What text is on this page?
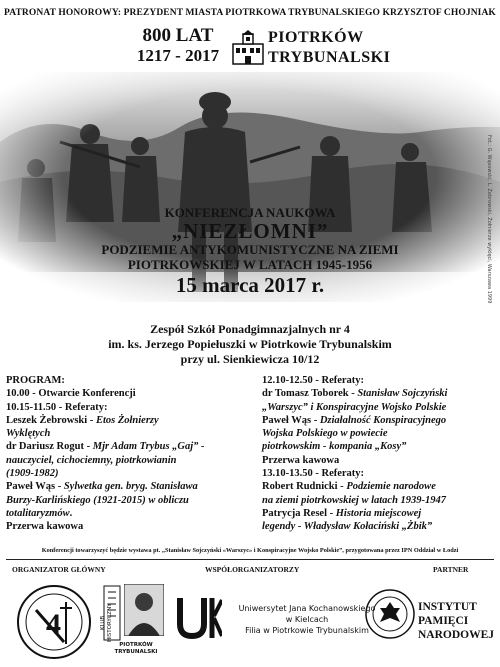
PATRONAT HONOROWY: PREZYDENT MIASTA PIOTRKOWA TRYBUNALSKIEGO KRZYSZTOF CHOJNIAK
800 LAT
1217 - 2017
PIOTRKÓW
TRYBUNALSKI
Fot.: G. Wąsowski, L. Żebrowski, Żołnierze wyklęci, Warszawa 1999
KONFERENCJA NAUKOWA
„NIEZŁOMNI”
PODZIEMIE ANTYKOMUNISTYCZNE NA ZIEMI
PIOTRKOWSKIEJ W LATACH 1945-1956
15 marca 2017 r.
Zespół Szkół Ponadgimnazjalnych nr 4
im. ks. Jerzego Popiełuszki w Piotrkowie Trybunalskim
przy ul. Sienkiewicza 10/12
PROGRAM:
10.00 - Otwarcie Konferencji
10.15-11.50 - Referaty:
Leszek Żebrowski - Etos Żołnierzy
Wyklętych
dr Dariusz Rogut - Mjr Adam Trybus „Gaj” -
nauczyciel, cichociemny, piotrkowianin
(1909-1982)
Paweł Wąs - Sylwetka gen. bryg. Stanisława
Burzy-Karlińskiego (1921-2015) w obliczu
totalitaryzmów.
Przerwa kawowa
12.10-12.50 - Referaty:
dr Tomasz Toborek - Stanisław Sojczyński
„Warszyc” i Konspiracyjne Wojsko Polskie
Paweł Wąs - Działalność Konspiracyjnego
Wojska Polskiego w powiecie
piotrkowskim - kompania „Kosy”
Przerwa kawowa
13.10-13.50 - Referaty:
Robert Rudnicki - Podziemie narodowe
na ziemi piotrkowskiej w latach 1939-1947
Patrycja Resel - Historia miejscowej
legendy - Władysław Kołaciński „Żbik”
Konferencji towarzyszyć będzie wystawa pt. „Stanisław Sojczyński «Warszyc» i Konspiracyjne Wojsko Polskie”, przygotowana przez IPN Oddział w Łodzi
ORGANIZATOR GŁÓWNY	WSPÓŁORGANIZATORZY	PARTNER
4	KLUB HISTORYCZNY
PIOTRKÓW TRYBUNALSKI
Uniwersytet Jana Kochanowskiego
w Kielcach
Filia w Piotrkowie Trybunalskim
INSTYTUT
PAMIĘCI
NARODOWEJ
